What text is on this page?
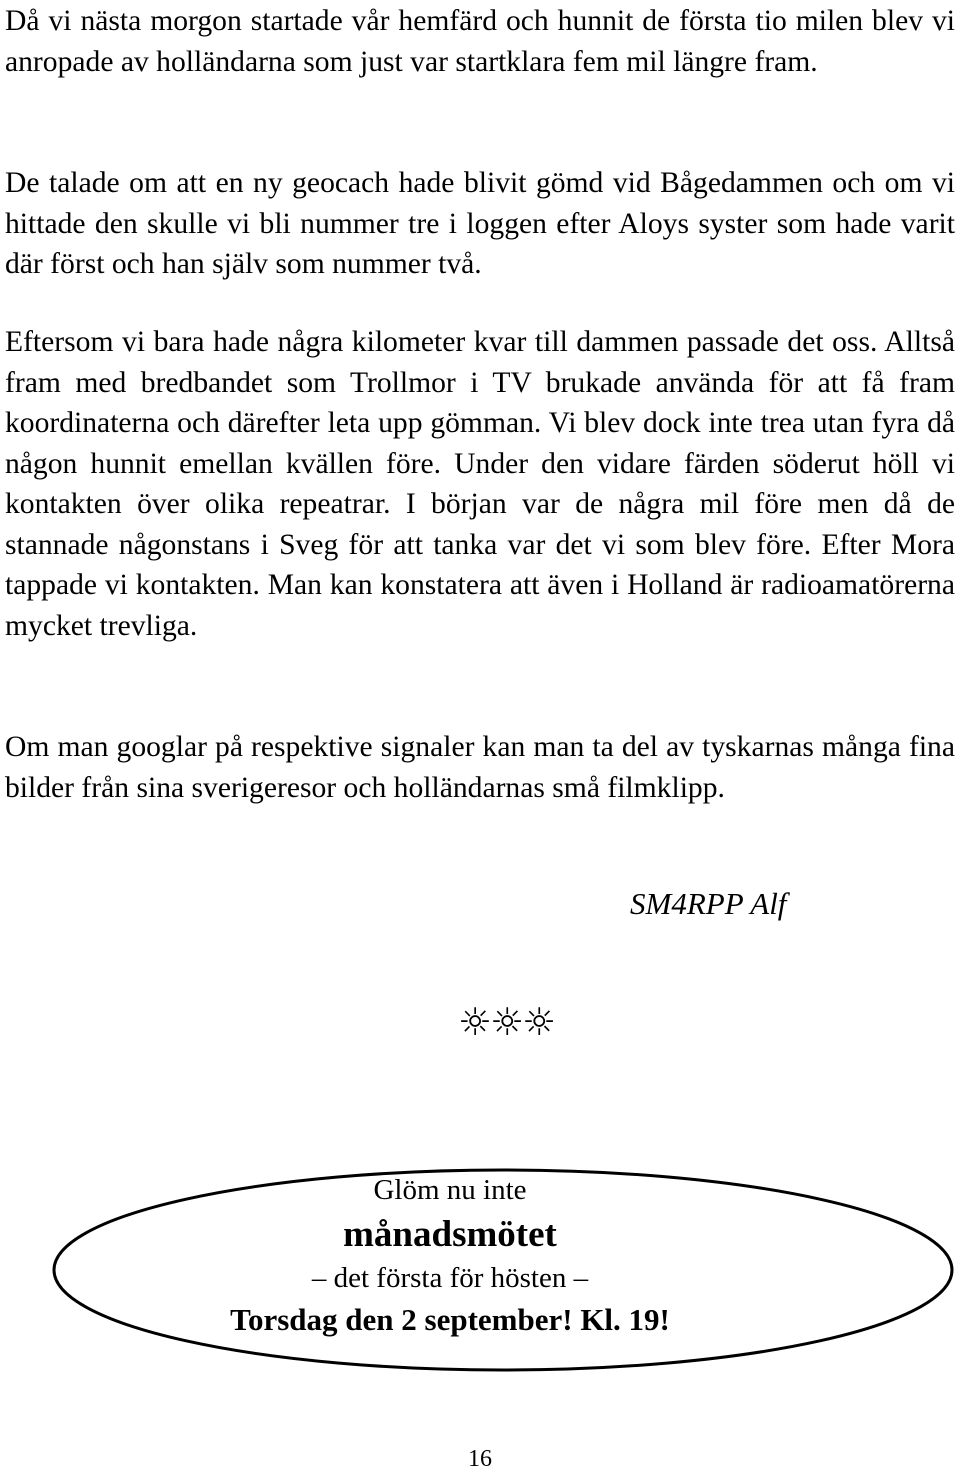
Då vi nästa morgon startade vår hemfärd och hunnit de första tio milen blev vi anropade av holländarna som just var startklara fem mil längre fram.

De talade om att en ny geocach hade blivit gömd vid Bågedammen och om vi hittade den skulle vi bli nummer tre i loggen efter Aloys syster som hade varit där först och han själv som nummer två.

Eftersom vi bara hade några kilometer kvar till dammen passade det oss. Alltså fram med bredbandet som Trollmor i TV brukade använda för att få fram koordinaterna och därefter leta upp gömman. Vi blev dock inte trea utan fyra då någon hunnit emellan kvällen före. Under den vidare färden söderut höll vi kontakten över olika repeatrar. I början var de några mil före men då de stannade någonstans i Sveg för att tanka var det vi som blev före. Efter Mora tappade vi kontakten. Man kan konstatera att även i Holland är radioamatörerna mycket trevliga.

Om man googlar på respektive signaler kan man ta del av tyskarnas många fina bilder från sina sverigeresor och holländarnas små filmklipp.

SM4RPP Alf
☼☼☼
Glöm nu inte
månadsmötet
– det första för hösten –
Torsdag den 2 september! Kl. 19!
16
